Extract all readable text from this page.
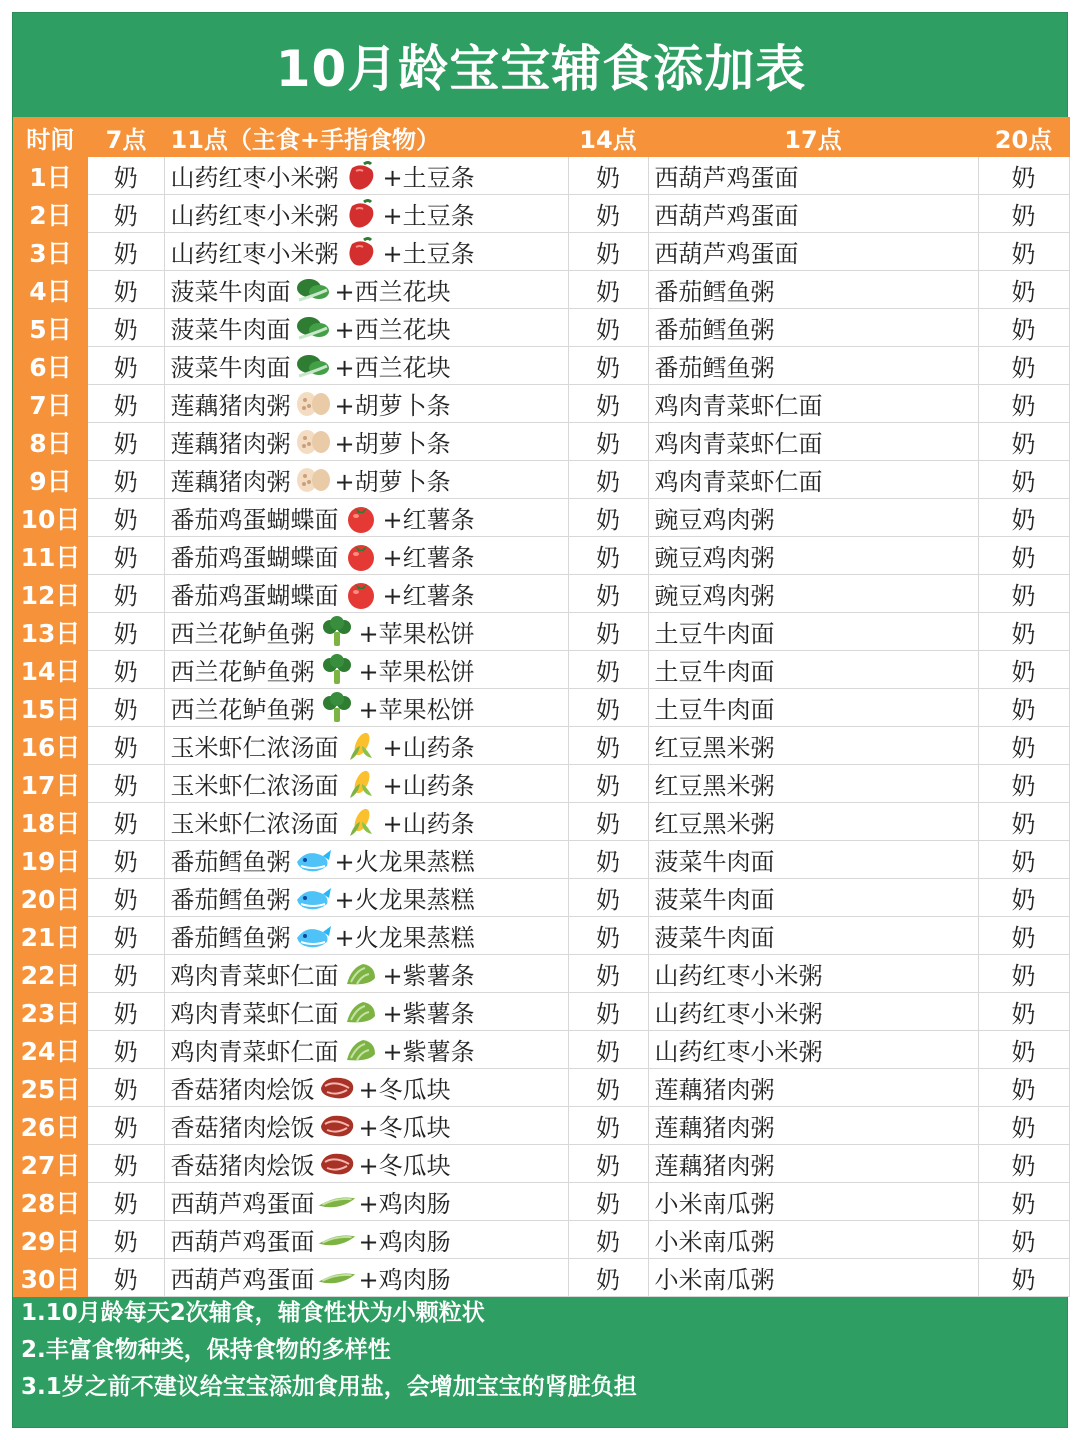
10月龄宝宝辅食添加表
时间	7点	11点（主食+手指食物）	14点	17点	20点
1日	奶	山药红枣小米粥 +土豆条	奶	西葫芦鸡蛋面	奶
2日	奶	山药红枣小米粥 +土豆条	奶	西葫芦鸡蛋面	奶
3日	奶	山药红枣小米粥 +土豆条	奶	西葫芦鸡蛋面	奶
4日	奶	菠菜牛肉面 +西兰花块	奶	番茄鳕鱼粥	奶
5日	奶	菠菜牛肉面 +西兰花块	奶	番茄鳕鱼粥	奶
6日	奶	菠菜牛肉面 +西兰花块	奶	番茄鳕鱼粥	奶
7日	奶	莲藕猪肉粥 +胡萝卜条	奶	鸡肉青菜虾仁面	奶
8日	奶	莲藕猪肉粥 +胡萝卜条	奶	鸡肉青菜虾仁面	奶
9日	奶	莲藕猪肉粥 +胡萝卜条	奶	鸡肉青菜虾仁面	奶
10日	奶	番茄鸡蛋蝴蝶面 +红薯条	奶	豌豆鸡肉粥	奶
11日	奶	番茄鸡蛋蝴蝶面 +红薯条	奶	豌豆鸡肉粥	奶
12日	奶	番茄鸡蛋蝴蝶面 +红薯条	奶	豌豆鸡肉粥	奶
13日	奶	西兰花鲈鱼粥 +苹果松饼	奶	土豆牛肉面	奶
14日	奶	西兰花鲈鱼粥 +苹果松饼	奶	土豆牛肉面	奶
15日	奶	西兰花鲈鱼粥 +苹果松饼	奶	土豆牛肉面	奶
16日	奶	玉米虾仁浓汤面 +山药条	奶	红豆黑米粥	奶
17日	奶	玉米虾仁浓汤面 +山药条	奶	红豆黑米粥	奶
18日	奶	玉米虾仁浓汤面 +山药条	奶	红豆黑米粥	奶
19日	奶	番茄鳕鱼粥 +火龙果蒸糕	奶	菠菜牛肉面	奶
20日	奶	番茄鳕鱼粥 +火龙果蒸糕	奶	菠菜牛肉面	奶
21日	奶	番茄鳕鱼粥 +火龙果蒸糕	奶	菠菜牛肉面	奶
22日	奶	鸡肉青菜虾仁面 +紫薯条	奶	山药红枣小米粥	奶
23日	奶	鸡肉青菜虾仁面 +紫薯条	奶	山药红枣小米粥	奶
24日	奶	鸡肉青菜虾仁面 +紫薯条	奶	山药红枣小米粥	奶
25日	奶	香菇猪肉烩饭 +冬瓜块	奶	莲藕猪肉粥	奶
26日	奶	香菇猪肉烩饭 +冬瓜块	奶	莲藕猪肉粥	奶
27日	奶	香菇猪肉烩饭 +冬瓜块	奶	莲藕猪肉粥	奶
28日	奶	西葫芦鸡蛋面 +鸡肉肠	奶	小米南瓜粥	奶
29日	奶	西葫芦鸡蛋面 +鸡肉肠	奶	小米南瓜粥	奶
30日	奶	西葫芦鸡蛋面 +鸡肉肠	奶	小米南瓜粥	奶
1.10月龄每天2次辅食，辅食性状为小颗粒状
2.丰富食物种类，保持食物的多样性
3.1岁之前不建议给宝宝添加食用盐，会增加宝宝的肾脏负担
